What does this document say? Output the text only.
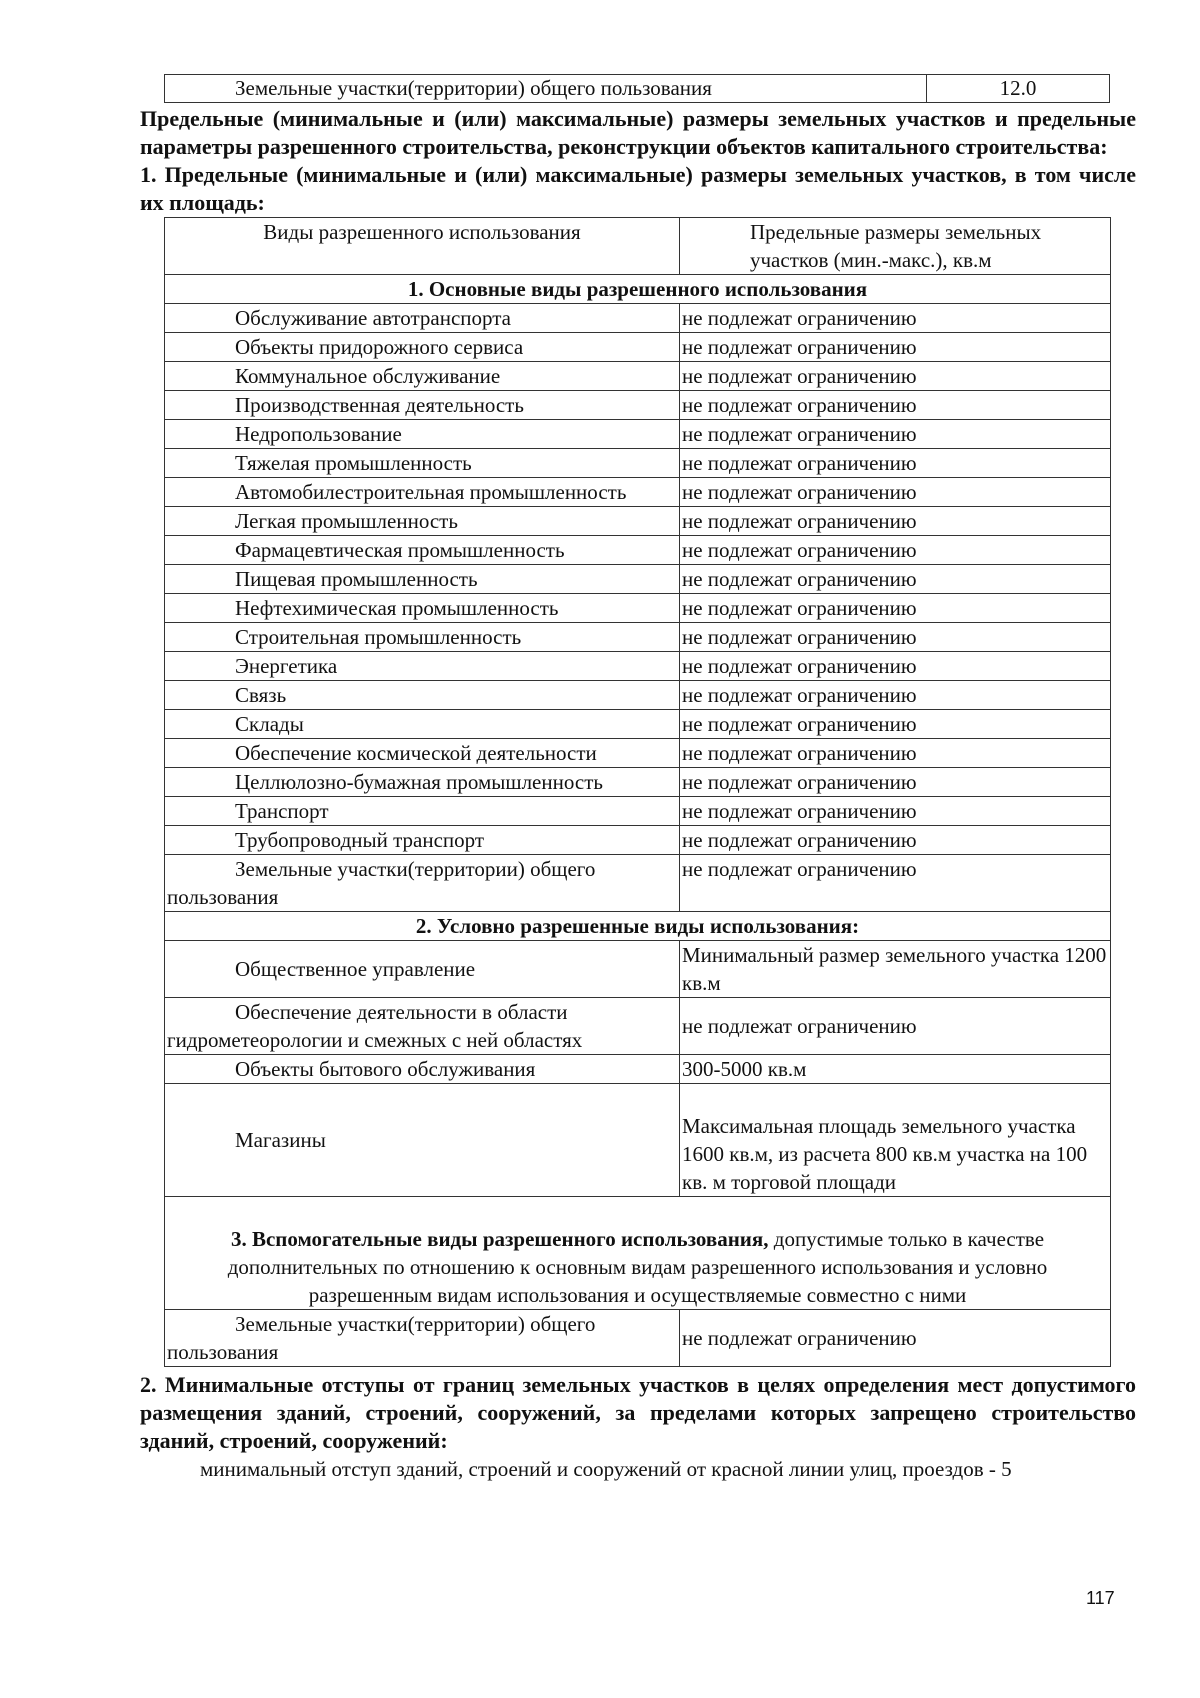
Земельные участки(территории) общего пользования	12.0

Предельные (минимальные и (или) максимальные) размеры земельных участков и предельные параметры разрешенного строительства, реконструкции объектов капитального строительства:

1. Предельные (минимальные и (или) максимальные) размеры земельных участков, в том числе их площадь:

Виды разрешенного использования	Предельные размеры земельных участков (мин.-макс.), кв.м
1. Основные виды разрешенного использования	
Обслуживание автотранспорта	не подлежат ограничению
Объекты придорожного сервиса	не подлежат ограничению
Коммунальное обслуживание	не подлежат ограничению
Производственная деятельность	не подлежат ограничению
Недропользование	не подлежат ограничению
Тяжелая промышленность	не подлежат ограничению
Автомобилестроительная промышленность	не подлежат ограничению
Легкая промышленность	не подлежат ограничению
Фармацевтическая промышленность	не подлежат ограничению
Пищевая промышленность	не подлежат ограничению
Нефтехимическая промышленность	не подлежат ограничению
Строительная промышленность	не подлежат ограничению
Энергетика	не подлежат ограничению
Связь	не подлежат ограничению
Склады	не подлежат ограничению
Обеспечение космической деятельности	не подлежат ограничению
Целлюлозно-бумажная промышленность	не подлежат ограничению
Транспорт	не подлежат ограничению
Трубопроводный транспорт	не подлежат ограничению
Земельные участки(территории) общего пользования	не подлежат ограничению
2. Условно разрешенные виды использования:	
Общественное управление	Минимальный размер земельного участка 1200 кв.м
Обеспечение деятельности в области гидрометеорологии и смежных с ней областях	не подлежат ограничению
Объекты бытового обслуживания	300-5000 кв.м
Магазины	Максимальная площадь земельного участка 1600 кв.м, из расчета 800 кв.м участка на 100 кв. м торговой площади
3. Вспомогательные виды разрешенного использования, допустимые только в качестве дополнительных по отношению к основным видам разрешенного использования и условно разрешенным видам использования и осуществляемые совместно с ними	
Земельные участки(территории) общего пользования	не подлежат ограничению

2. Минимальные отступы от границ земельных участков в целях определения мест допустимого размещения зданий, строений, сооружений, за пределами которых запрещено строительство зданий, строений, сооружений:

минимальный отступ зданий, строений и сооружений от красной линии улиц, проездов - 5

117
